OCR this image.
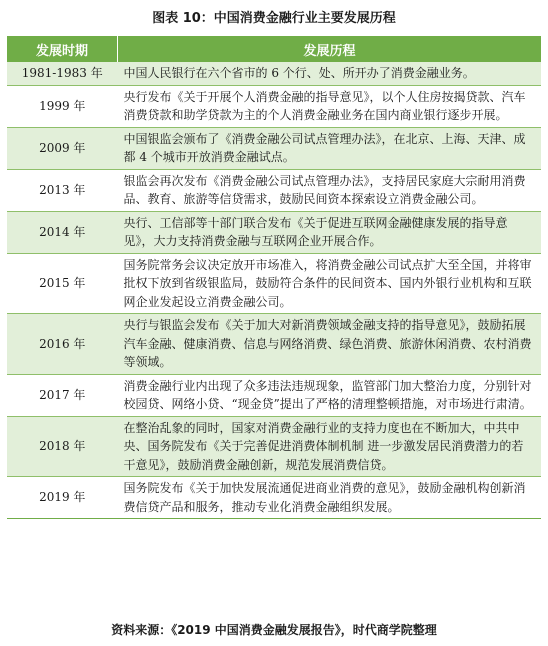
图表 10：中国消费金融行业主要发展历程
发展时期	发展历程
1981-1983 年	中国人民银行在六个省市的 6 个行、处、所开办了消费金融业务。
1999 年	央行发布《关于开展个人消费金融的指导意见》，以个人住房按揭贷款、汽车消费贷款和助学贷款为主的个人消费金融业务在国内商业银行逐步开展。
2009 年	中国银监会颁布了《消费金融公司试点管理办法》，在北京、上海、天津、成都 4 个城市开放消费金融试点。
2013 年	银监会再次发布《消费金融公司试点管理办法》，支持居民家庭大宗耐用消费品、教育、旅游等信贷需求，鼓励民间资本探索设立消费金融公司。
2014 年	央行、工信部等十部门联合发布《关于促进互联网金融健康发展的指导意见》，大力支持消费金融与互联网企业开展合作。
2015 年	国务院常务会议决定放开市场准入，将消费金融公司试点扩大至全国，并将审批权下放到省级银监局，鼓励符合条件的民间资本、国内外银行业机构和互联网企业发起设立消费金融公司。
2016 年	央行与银监会发布《关于加大对新消费领域金融支持的指导意见》，鼓励拓展汽车金融、健康消费、信息与网络消费、绿色消费、旅游休闲消费、农村消费等领域。
2017 年	消费金融行业内出现了众多违法违规现象，监管部门加大整治力度，分别针对校园贷、网络小贷、“现金贷”提出了严格的清理整顿措施，对市场进行肃清。
2018 年	在整治乱象的同时，国家对消费金融行业的支持力度也在不断加大，中共中央、国务院发布《关于完善促进消费体制机制 进一步激发居民消费潜力的若干意见》，鼓励消费金融创新，规范发展消费信贷。
2019 年	国务院发布《关于加快发展流通促进商业消费的意见》，鼓励金融机构创新消费信贷产品和服务，推动专业化消费金融组织发展。
资料来源：《2019 中国消费金融发展报告》，时代商学院整理
